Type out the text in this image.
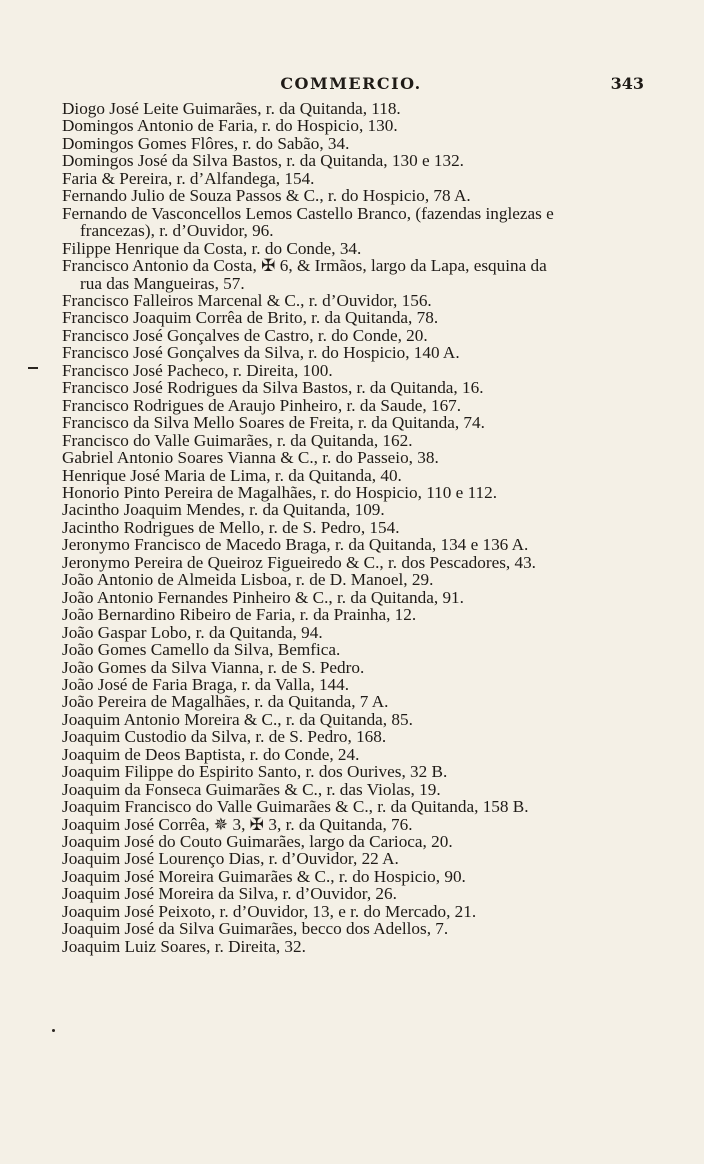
COMMERCIO.	343
Diogo José Leite Guimarães, r. da Quitanda, 118.
Domingos Antonio de Faria, r. do Hospicio, 130.
Domingos Gomes Flôres, r. do Sabão, 34.
Domingos José da Silva Bastos, r. da Quitanda, 130 e 132.
Faria & Pereira, r. d’Alfandega, 154.
Fernando Julio de Souza Passos & C., r. do Hospicio, 78 A.
Fernando de Vasconcellos Lemos Castello Branco, (fazendas inglezas e
francezas), r. d’Ouvidor, 96.
Filippe Henrique da Costa, r. do Conde, 34.
Francisco Antonio da Costa, ✠ 6, & Irmãos, largo da Lapa, esquina da
rua das Mangueiras, 57.
Francisco Falleiros Marcenal & C., r. d’Ouvidor, 156.
Francisco Joaquim Corrêa de Brito, r. da Quitanda, 78.
Francisco José Gonçalves de Castro, r. do Conde, 20.
Francisco José Gonçalves da Silva, r. do Hospicio, 140 A.
Francisco José Pacheco, r. Direita, 100.
Francisco José Rodrigues da Silva Bastos, r. da Quitanda, 16.
Francisco Rodrigues de Araujo Pinheiro, r. da Saude, 167.
Francisco da Silva Mello Soares de Freita, r. da Quitanda, 74.
Francisco do Valle Guimarães, r. da Quitanda, 162.
Gabriel Antonio Soares Vianna & C., r. do Passeio, 38.
Henrique José Maria de Lima, r. da Quitanda, 40.
Honorio Pinto Pereira de Magalhães, r. do Hospicio, 110 e 112.
Jacintho Joaquim Mendes, r. da Quitanda, 109.
Jacintho Rodrigues de Mello, r. de S. Pedro, 154.
Jeronymo Francisco de Macedo Braga, r. da Quitanda, 134 e 136 A.
Jeronymo Pereira de Queiroz Figueiredo & C., r. dos Pescadores, 43.
João Antonio de Almeida Lisboa, r. de D. Manoel, 29.
João Antonio Fernandes Pinheiro & C., r. da Quitanda, 91.
João Bernardino Ribeiro de Faria, r. da Prainha, 12.
João Gaspar Lobo, r. da Quitanda, 94.
João Gomes Camello da Silva, Bemfica.
João Gomes da Silva Vianna, r. de S. Pedro.
João José de Faria Braga, r. da Valla, 144.
João Pereira de Magalhães, r. da Quitanda, 7 A.
Joaquim Antonio Moreira & C., r. da Quitanda, 85.
Joaquim Custodio da Silva, r. de S. Pedro, 168.
Joaquim de Deos Baptista, r. do Conde, 24.
Joaquim Filippe do Espirito Santo, r. dos Ourives, 32 B.
Joaquim da Fonseca Guimarães & C., r. das Violas, 19.
Joaquim Francisco do Valle Guimarães & C., r. da Quitanda, 158 B.
Joaquim José Corrêa, ✵ 3, ✠ 3, r. da Quitanda, 76.
Joaquim José do Couto Guimarães, largo da Carioca, 20.
Joaquim José Lourenço Dias, r. d’Ouvidor, 22 A.
Joaquim José Moreira Guimarães & C., r. do Hospicio, 90.
Joaquim José Moreira da Silva, r. d’Ouvidor, 26.
Joaquim José Peixoto, r. d’Ouvidor, 13, e r. do Mercado, 21.
Joaquim José da Silva Guimarães, becco dos Adellos, 7.
Joaquim Luiz Soares, r. Direita, 32.
